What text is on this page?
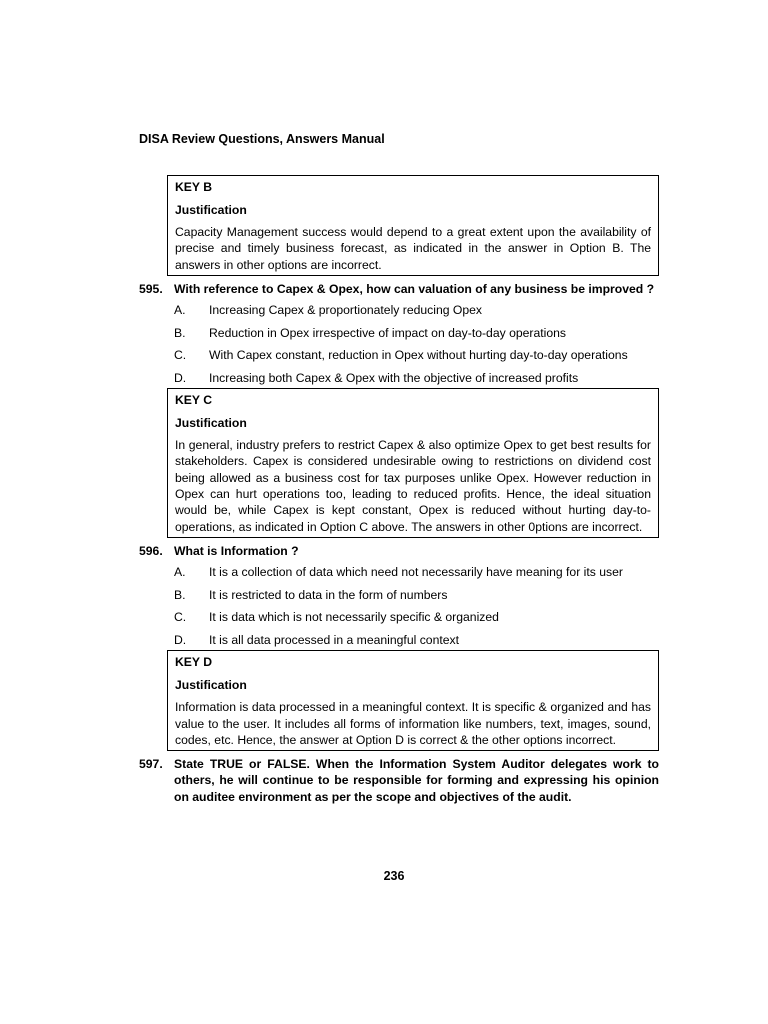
DISA Review Questions, Answers Manual

KEY B

Justification

Capacity Management success would depend to a great extent upon the availability of precise and timely business forecast, as indicated in the answer in Option B. The answers in other options are incorrect.

595. With reference to Capex & Opex, how can valuation of any business be improved ?
A.	Increasing Capex & proportionately reducing Opex
B.	Reduction in Opex irrespective of impact on day-to-day operations
C.	With Capex constant, reduction in Opex without hurting day-to-day operations
D.	Increasing both Capex & Opex with the objective of increased profits

KEY C

Justification

In general, industry prefers to restrict Capex & also optimize Opex to get best results for stakeholders. Capex is considered undesirable owing to restrictions on dividend cost being allowed as a business cost for tax purposes unlike Opex. However reduction in Opex can hurt operations too, leading to reduced profits. Hence, the ideal situation would be, while Capex is kept constant, Opex is reduced without hurting day-to-operations, as indicated in Option C above. The answers in other 0ptions are incorrect.

596. What is Information ?
A.	It is a collection of data which need not necessarily have meaning for its user
B.	It is restricted to data in the form of numbers
C.	It is data which is not necessarily specific & organized
D.	It is all data processed in a meaningful context

KEY D

Justification

Information is data processed in a meaningful context. It is specific & organized and has value to the user. It includes all forms of information like numbers, text, images, sound, codes, etc. Hence, the answer at Option D is correct & the other options incorrect.

597. State TRUE or FALSE. When the Information System Auditor delegates work to others, he will continue to be responsible for forming and expressing his opinion on auditee environment as per the scope and objectives of the audit.
236
